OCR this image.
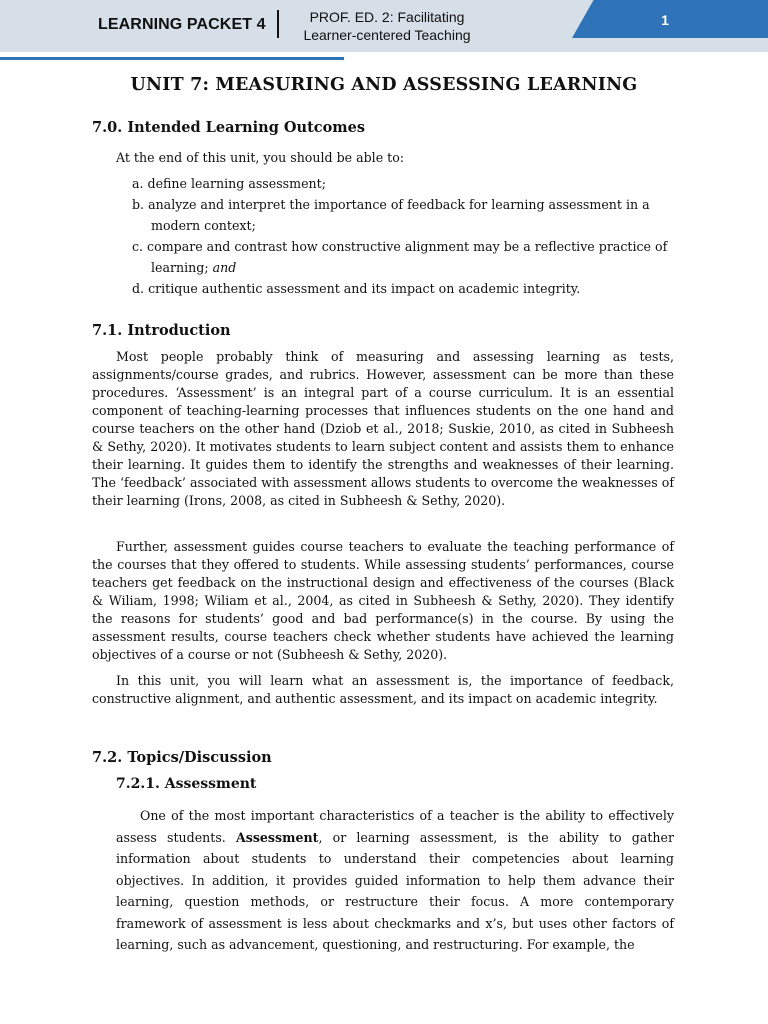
LEARNING PACKET 4	PROF. ED. 2: Facilitating Learner-centered Teaching
1
UNIT 7: MEASURING AND ASSESSING LEARNING
7.0. Intended Learning Outcomes

At the end of this unit, you should be able to:

a. define learning assessment;
b. analyze and interpret the importance of feedback for learning assessment in a modern context;
c. compare and contrast how constructive alignment may be a reflective practice of learning; and
d. critique authentic assessment and its impact on academic integrity.
7.1. Introduction

Most people probably think of measuring and assessing learning as tests, assignments/course grades, and rubrics. However, assessment can be more than these procedures. ‘Assessment’ is an integral part of a course curriculum. It is an essential component of teaching-learning processes that influences students on the one hand and course teachers on the other hand (Dziob et al., 2018; Suskie, 2010, as cited in Subheesh & Sethy, 2020). It motivates students to learn subject content and assists them to enhance their learning. It guides them to identify the strengths and weaknesses of their learning. The ‘feedback’ associated with assessment allows students to overcome the weaknesses of their learning (Irons, 2008, as cited in Subheesh & Sethy, 2020).

Further, assessment guides course teachers to evaluate the teaching performance of the courses that they offered to students. While assessing students’ performances, course teachers get feedback on the instructional design and effectiveness of the courses (Black & Wiliam, 1998; Wiliam et al., 2004, as cited in Subheesh & Sethy, 2020). They identify the reasons for students’ good and bad performance(s) in the course. By using the assessment results, course teachers check whether students have achieved the learning objectives of a course or not (Subheesh & Sethy, 2020).

In this unit, you will learn what an assessment is, the importance of feedback, constructive alignment, and authentic assessment, and its impact on academic integrity.

7.2. Topics/Discussion
7.2.1. Assessment

One of the most important characteristics of a teacher is the ability to effectively assess students. Assessment, or learning assessment, is the ability to gather information about students to understand their competencies about learning objectives. In addition, it provides guided information to help them advance their learning, question methods, or restructure their focus. A more contemporary framework of assessment is less about checkmarks and x’s, but uses other factors of learning, such as advancement, questioning, and restructuring. For example, the
